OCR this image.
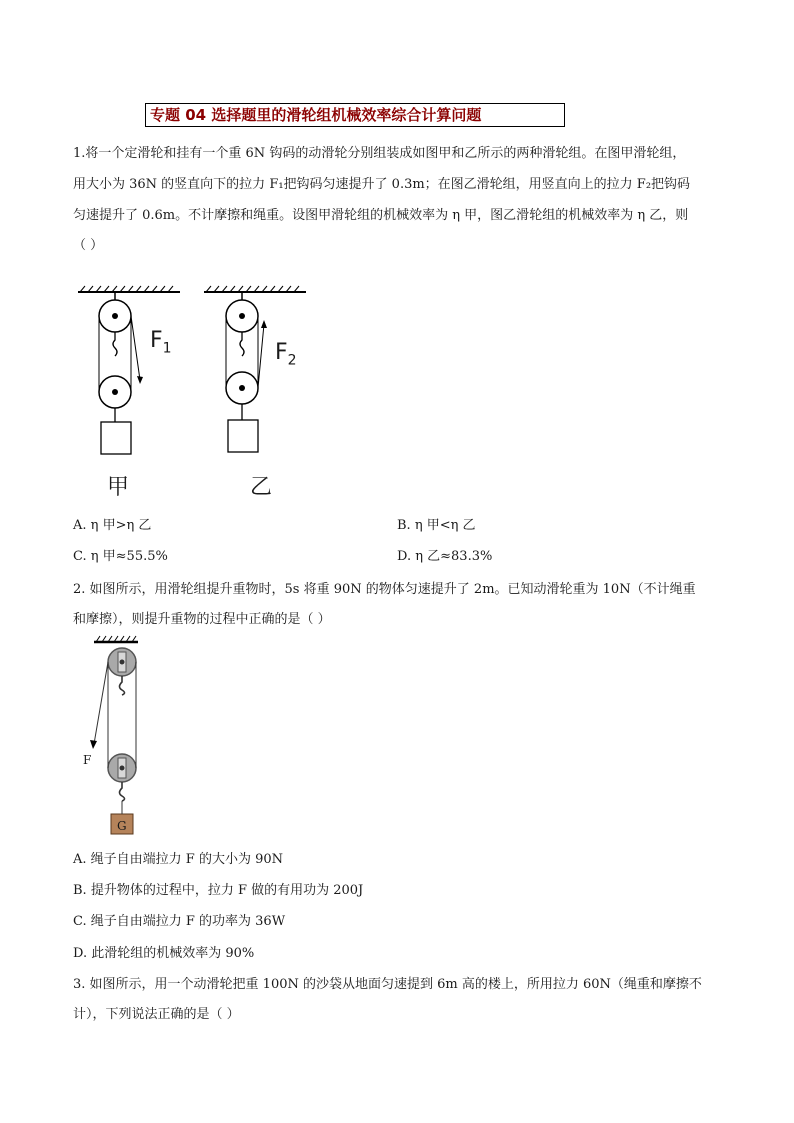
专题 04 选择题里的滑轮组机械效率综合计算问题
1.将一个定滑轮和挂有一个重 6N 钩码的动滑轮分别组装成如图甲和乙所示的两种滑轮组。在图甲滑轮组，
用大小为 36N 的竖直向下的拉力 F₁把钩码匀速提升了 0.3m；在图乙滑轮组，用竖直向上的拉力 F₂把钩码
匀速提升了 0.6m。不计摩擦和绳重。设图甲滑轮组的机械效率为 η 甲，图乙滑轮组的机械效率为 η 乙，则
（ ）
$F_1$
甲
$F_2$
乙
A. η 甲>η 乙	B. η 甲<η 乙
C. η 甲≈55.5%	D. η 乙≈83.3%
2. 如图所示，用滑轮组提升重物时，5s 将重 90N 的物体匀速提升了 2m。已知动滑轮重为 10N（不计绳重
和摩擦），则提升重物的过程中正确的是（ ）
F
G
A. 绳子自由端拉力 F 的大小为 90N
B. 提升物体的过程中，拉力 F 做的有用功为 200J
C. 绳子自由端拉力 F 的功率为 36W
D. 此滑轮组的机械效率为 90%
3. 如图所示，用一个动滑轮把重 100N 的沙袋从地面匀速提到 6m 高的楼上，所用拉力 60N（绳重和摩擦不
计），下列说法正确的是（ ）
